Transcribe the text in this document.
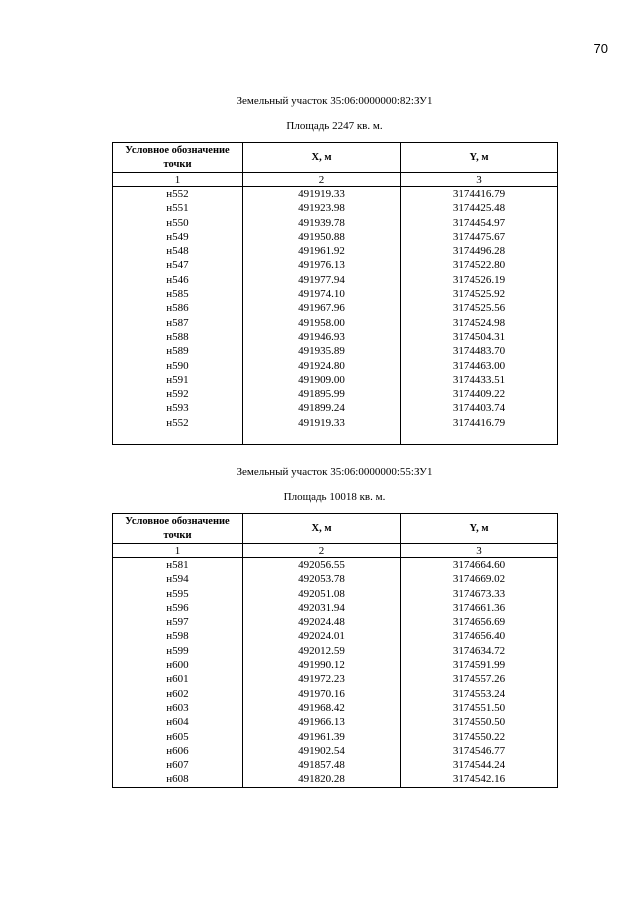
70

Земельный участок 35:06:0000000:82:ЗУ1

Площадь 2247 кв. м.

Условное обозначение точки	X, м	Y, м
1	2	3
н552	491919.33	3174416.79
н551	491923.98	3174425.48
н550	491939.78	3174454.97
н549	491950.88	3174475.67
н548	491961.92	3174496.28
н547	491976.13	3174522.80
н546	491977.94	3174526.19
н585	491974.10	3174525.92
н586	491967.96	3174525.56
н587	491958.00	3174524.98
н588	491946.93	3174504.31
н589	491935.89	3174483.70
н590	491924.80	3174463.00
н591	491909.00	3174433.51
н592	491895.99	3174409.22
н593	491899.24	3174403.74
н552	491919.33	3174416.79

Земельный участок 35:06:0000000:55:ЗУ1

Площадь 10018 кв. м.

Условное обозначение точки	X, м	Y, м
1	2	3
н581	492056.55	3174664.60
н594	492053.78	3174669.02
н595	492051.08	3174673.33
н596	492031.94	3174661.36
н597	492024.48	3174656.69
н598	492024.01	3174656.40
н599	492012.59	3174634.72
н600	491990.12	3174591.99
н601	491972.23	3174557.26
н602	491970.16	3174553.24
н603	491968.42	3174551.50
н604	491966.13	3174550.50
н605	491961.39	3174550.22
н606	491902.54	3174546.77
н607	491857.48	3174544.24
н608	491820.28	3174542.16
